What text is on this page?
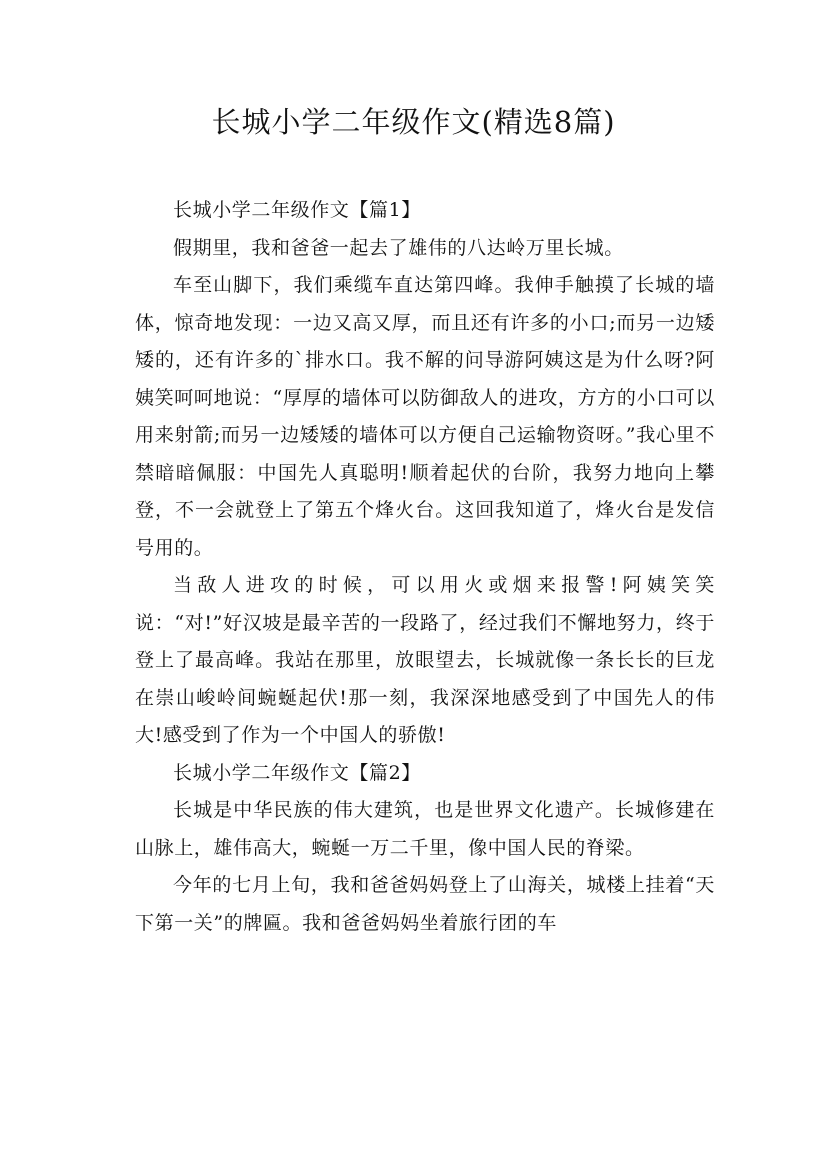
长城小学二年级作文(精选8篇)

长城小学二年级作文【篇1】

假期里，我和爸爸一起去了雄伟的八达岭万里长城。

车至山脚下，我们乘缆车直达第四峰。我伸手触摸了长城的墙体，惊奇地发现：一边又高又厚，而且还有许多的小口;而另一边矮矮的，还有许多的`排水口。我不解的问导游阿姨这是为什么呀?阿姨笑呵呵地说：“厚厚的墙体可以防御敌人的进攻，方方的小口可以用来射箭;而另一边矮矮的墙体可以方便自己运输物资呀。”我心里不禁暗暗佩服：中国先人真聪明!顺着起伏的台阶，我努力地向上攀登，不一会就登上了第五个烽火台。这回我知道了，烽火台是发信号用的。

当敌人进攻的时候，可以用火或烟来报警!阿姨笑笑说：“对!”好汉坡是最辛苦的一段路了，经过我们不懈地努力，终于登上了最高峰。我站在那里，放眼望去，长城就像一条长长的巨龙在崇山峻岭间蜿蜒起伏!那一刻，我深深地感受到了中国先人的伟大!感受到了作为一个中国人的骄傲!

长城小学二年级作文【篇2】

长城是中华民族的伟大建筑，也是世界文化遗产。长城修建在山脉上，雄伟高大，蜿蜒一万二千里，像中国人民的脊梁。

今年的七月上旬，我和爸爸妈妈登上了山海关，城楼上挂着“天下第一关”的牌匾。我和爸爸妈妈坐着旅行团的车
